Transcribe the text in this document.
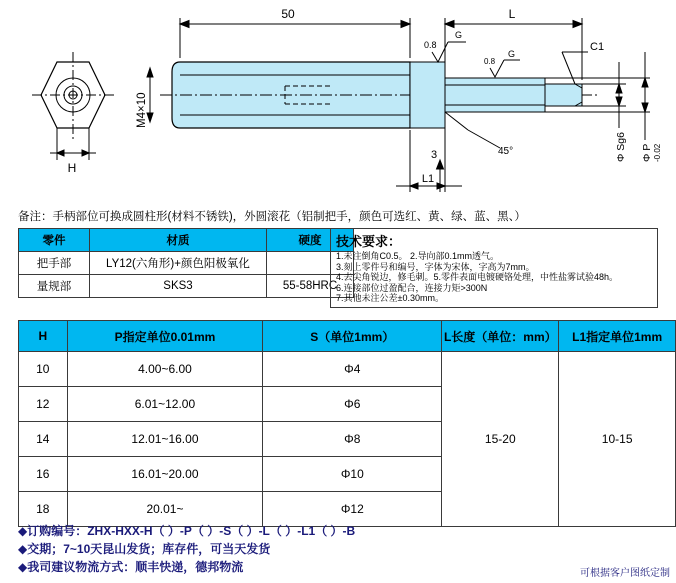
50	L
L1
H
M4×10
0.8
G
0.8
G
45°
3
C1
Φ Sg6 Φ P -0.02
备注：手柄部位可换成圆柱形(材料不锈铁)，外圆滚花（铝制把手，颜色可选红、黄、绿、蓝、黑、）
零件	材质	硬度
把手部	LY12(六角形)+颜色阳极氧化	
量规部	SKS3	55-58HRC
技术要求：

1.未注倒角C0.5。 2.导向部0.1mm透气。

3.刻上零件号和编号，字体为宋体，字高为7mm。

4.去尖角锐边，修毛刺。5.零件表面电镀硬铬处理，中性盐雾试验48h。

6.连接部位过盈配合，连接力矩>300N

7.其他未注公差±0.30mm。

H	P指定单位0.01mm	S（单位1mm）	L长度（单位：mm）	L1指定单位1mm
10	4.00~6.00	Φ4	15-20	10-15
12	6.01~12.00	Φ6		
14	12.01~16.00	Φ8		
16	16.01~20.00	Φ10		
18	20.01~	Φ12		
◆订购编号：ZHX-HXX-H（ ）-P（ ）-S（ ）-L（ ）-L1（ ）-B
◆交期；7~10天昆山发货；库存件，可当天发货
◆我司建议物流方式：顺丰快递，德邦物流	可根据客户图纸定制
